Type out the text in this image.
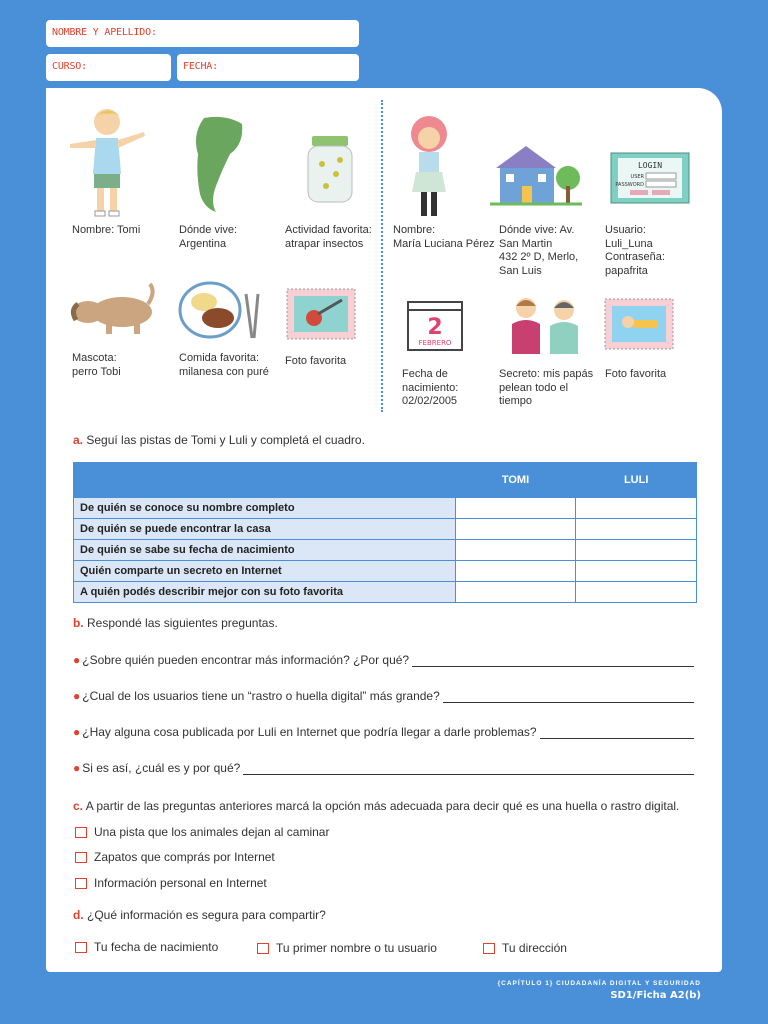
NOMBRE Y APELLIDO:
CURSO:	FECHA:
Nombre: Tomi	Dónde vive:
Argentina
Actividad favorita:
atrapar insectos
Mascota:
perro Tobi
Comida favorita:
milanesa con puré
Foto favorita
LOGIN
USER
PASSWORD
Nombre:
María Luciana Pérez
Dónde vive: Av.
San Martin
432 2º D, Merlo,
San Luis
Usuario:
Luli_Luna
Contraseña:
papafrita
2
FEBRERO
Fecha de
nacimiento:
02/02/2005
Secreto: mis papás
pelean todo el
tiempo
Foto favorita
a. Seguí las pistas de Tomi y Luli y completá el cuadro.
	TOMI	LULI
De quién se conoce su nombre completo		
De quién se puede encontrar la casa		
De quién se sabe su fecha de nacimiento		
Quién comparte un secreto en Internet		
A quién podés describir mejor con su foto favorita		
b. Respondé las siguientes preguntas.
● ¿Sobre quién pueden encontrar más información? ¿Por qué?
● ¿Cual de los usuarios tiene un “rastro o huella digital” más grande?
● ¿Hay alguna cosa publicada por Luli en Internet que podría llegar a darle problemas?
● Si es así, ¿cuál es y por qué?
c. A partir de las preguntas anteriores marcá la opción más adecuada para decir qué es una huella o rastro digital.
Una pista que los animales dejan al caminar
Zapatos que comprás por Internet
Información personal en Internet
d. ¿Qué información es segura para compartir?
Tu fecha de nacimiento	Tu primer nombre o tu usuario	Tu dirección
{CAPÍTULO 1} CIUDADANÍA DIGITAL Y SEGURIDAD
SD1/Ficha A2(b)
